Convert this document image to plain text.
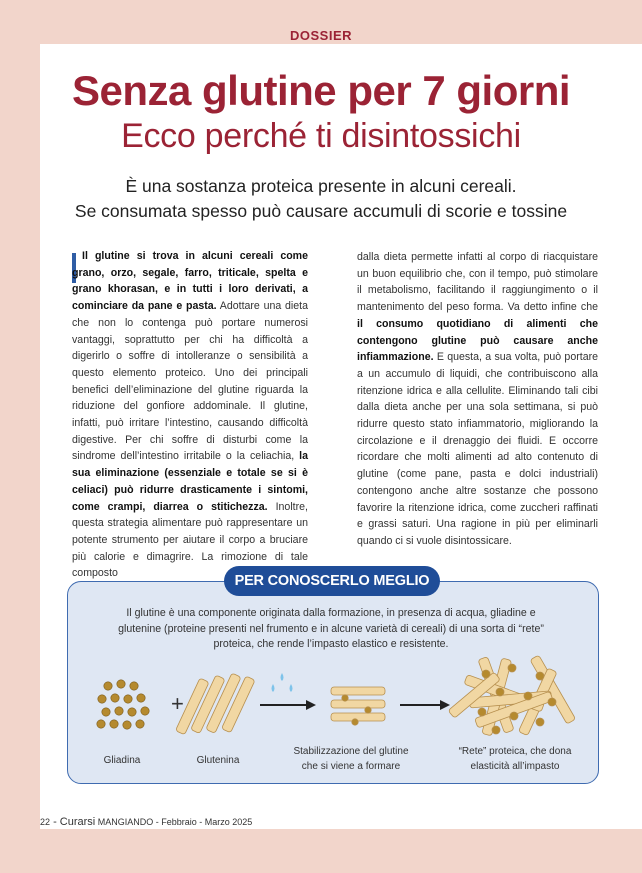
DOSSIER
Senza glutine per 7 giorni
Ecco perché ti disintossichi
È una sostanza proteica presente in alcuni cereali.
Se consumata spesso può causare accumuli di scorie e tossine

Il glutine si trova in alcuni cereali come grano, orzo, segale, farro, triticale, spelta e grano khorasan, e in tutti i loro derivati, a cominciare da pane e pasta. Adottare una dieta che non lo contenga può portare numerosi vantaggi, soprattutto per chi ha difficoltà a digerirlo o soffre di intolleranze o sensibilità a questo elemento proteico. Uno dei principali benefici dell’eliminazione del glutine riguarda la riduzione del gonfiore addominale. Il glutine, infatti, può irritare l’intestino, causando difficoltà digestive. Per chi soffre di disturbi come la sindrome dell’intestino irritabile o la celiachia, la sua eliminazione (essenziale e totale se si è celiaci) può ridurre drasticamente i sintomi, come crampi, diarrea o stitichezza. Inoltre, questa strategia alimentare può rappresentare un potente strumento per aiutare il corpo a bruciare più calorie e dimagrire. La rimozione di tale composto

dalla dieta permette infatti al corpo di riacquistare un buon equilibrio che, con il tempo, può stimolare il metabolismo, facilitando il raggiungimento o il mantenimento del peso forma. Va detto infine che il consumo quotidiano di alimenti che contengono glutine può causare anche infiammazione. E questa, a sua volta, può portare a un accumulo di liquidi, che contribuiscono alla ritenzione idrica e alla cellulite. Eliminando tali cibi dalla dieta anche per una sola settimana, si può ridurre questo stato infiammatorio, migliorando la circolazione e il drenaggio dei fluidi. E occorre ricordare che molti alimenti ad alto contenuto di glutine (come pane, pasta e dolci industriali) contengono anche altre sostanze che possono favorire la ritenzione idrica, come zuccheri raffinati e grassi saturi. Una ragione in più per eliminarli quando ci si vuole disintossicare.

PER CONOSCERLO MEGLIO
Il glutine è una componente originata dalla formazione, in presenza di acqua, gliadine e glutenine (proteine presenti nel frumento e in alcune varietà di cereali) di una sorta di “rete” proteica, che rende l’impasto elastico e resistente.
+
Gliadina	Glutenina
Stabilizzazione del glutine
che si viene a formare
“Rete” proteica, che dona
elasticità all’impasto
22 - Curarsi MANGIANDO - Febbraio - Marzo 2025
